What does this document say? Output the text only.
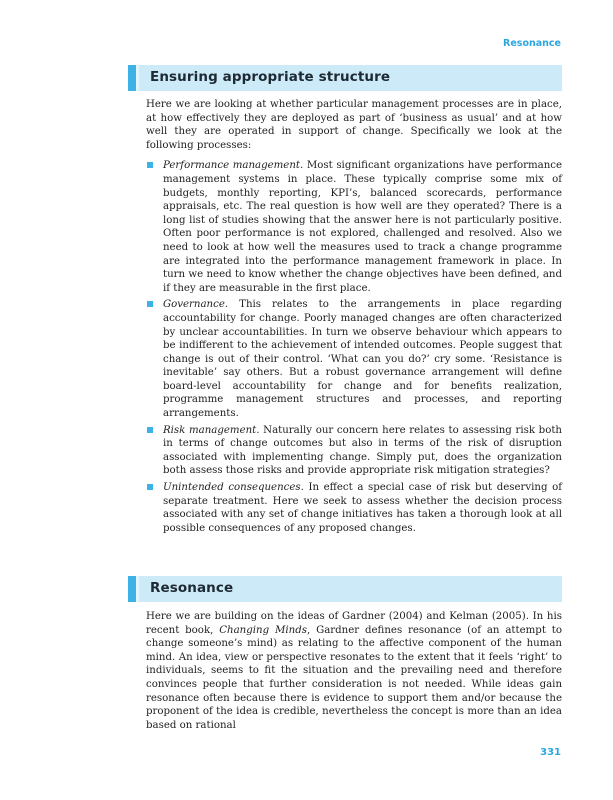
Resonance
Ensuring appropriate structure

Here we are looking at whether particular management processes are in place, at how effectively they are deployed as part of ‘business as usual’ and at how well they are operated in support of change. Specifically we look at the following processes:

Performance management. Most significant organizations have performance management systems in place. These typically comprise some mix of budgets, monthly reporting, KPI’s, balanced scorecards, performance appraisals, etc. The real question is how well are they operated? There is a long list of studies showing that the answer here is not particularly positive. Often poor performance is not explored, challenged and resolved. Also we need to look at how well the measures used to track a change programme are integrated into the performance management framework in place. In turn we need to know whether the change objectives have been defined, and if they are measurable in the first place.
Governance. This relates to the arrangements in place regarding accountability for change. Poorly managed changes are often characterized by unclear accountabilities. In turn we observe behaviour which appears to be indifferent to the achievement of intended outcomes. People suggest that change is out of their control. ‘What can you do?’ cry some. ‘Resistance is inevitable’ say others. But a robust governance arrangement will define board-level accountability for change and for benefits realization, programme management structures and processes, and reporting arrangements.
Risk management. Naturally our concern here relates to assessing risk both in terms of change outcomes but also in terms of the risk of disruption associated with implementing change. Simply put, does the organization both assess those risks and provide appropriate risk mitigation strategies?
Unintended consequences. In effect a special case of risk but deserving of separate treatment. Here we seek to assess whether the decision process associated with any set of change initiatives has taken a thorough look at all possible consequences of any proposed changes.
Resonance

Here we are building on the ideas of Gardner (2004) and Kelman (2005). In his recent book, Changing Minds, Gardner defines resonance (of an attempt to change someone’s mind) as relating to the affective component of the human mind. An idea, view or perspective resonates to the extent that it feels ‘right’ to individuals, seems to fit the situation and the prevailing need and therefore convinces people that further consideration is not needed. While ideas gain resonance often because there is evidence to support them and/or because the proponent of the idea is credible, nevertheless the concept is more than an idea based on rational

331
